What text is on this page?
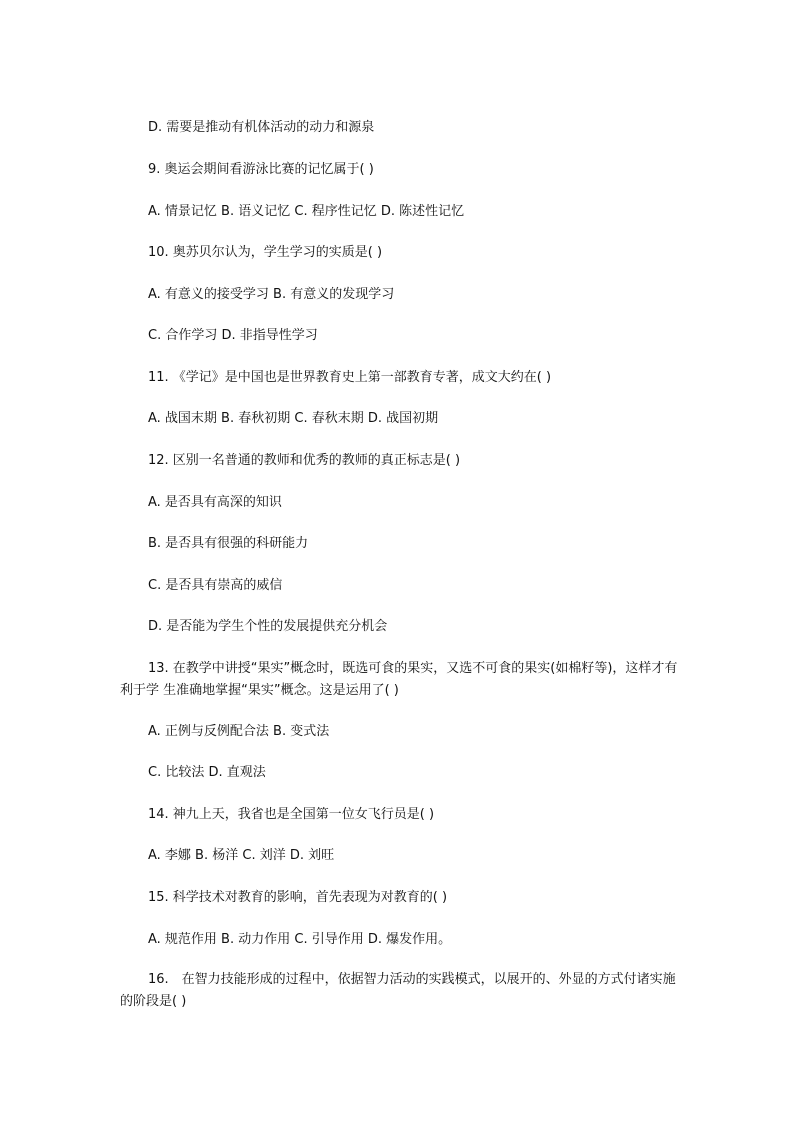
D. 需要是推动有机体活动的动力和源泉
9. 奥运会期间看游泳比赛的记忆属于( )
A. 情景记忆 B. 语义记忆 C. 程序性记忆 D. 陈述性记忆
10. 奥苏贝尔认为，学生学习的实质是( )
A. 有意义的接受学习 B. 有意义的发现学习
C. 合作学习 D. 非指导性学习
11. 《学记》是中国也是世界教育史上第一部教育专著，成文大约在( )
A. 战国末期 B. 春秋初期 C. 春秋末期 D. 战国初期
12. 区别一名普通的教师和优秀的教师的真正标志是( )
A. 是否具有高深的知识
B. 是否具有很强的科研能力
C. 是否具有崇高的威信
D. 是否能为学生个性的发展提供充分机会
13. 在教学中讲授“果实”概念时，既选可食的果实，又选不可食的果实(如棉籽等)，这样才有利于学 生准确地掌握“果实”概念。这是运用了( )
A. 正例与反例配合法 B. 变式法
C. 比较法 D. 直观法
14. 神九上天，我省也是全国第一位女飞行员是( )
A. 李娜 B. 杨洋 C. 刘洋 D. 刘旺
15. 科学技术对教育的影响，首先表现为对教育的( )
A. 规范作用 B. 动力作用 C. 引导作用 D. 爆发作用。
16.　在智力技能形成的过程中，依据智力活动的实践模式，以展开的、外显的方式付诸实施的阶段是( )
